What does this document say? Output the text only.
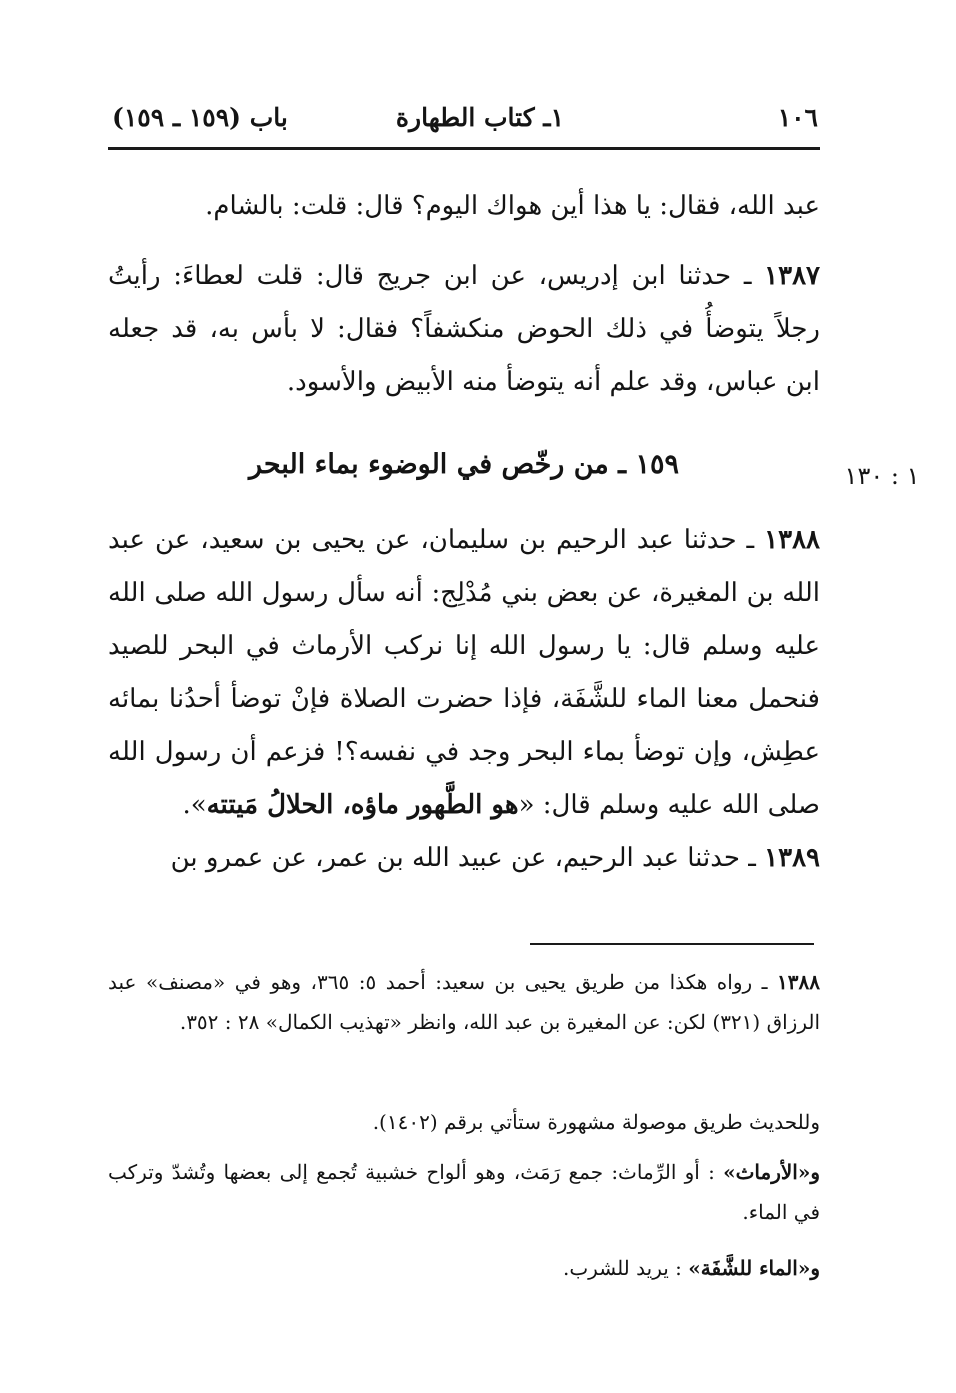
١٠٦
١ـ كتاب الطهارة
باب (١٥٩ ـ ١٥٩)
عبد الله، فقال: يا هذا أين هواك اليوم؟ قال: قلت: بالشام.
١٣٨٧ ـ حدثنا ابن إدريس، عن ابن جريج قال: قلت لعطاءَ: رأيتُ رجلاً يتوضأُ في ذلك الحوض منكشفاً؟ فقال: لا بأس به، قد جعله ابن عباس، وقد علم أنه يتوضأ منه الأبيض والأسود.
١٥٩ ـ من رخّص في الوضوء بماء البحر	١ : ١٣٠
١٣٨٨ ـ حدثنا عبد الرحيم بن سليمان، عن يحيى بن سعيد، عن عبد الله بن المغيرة، عن بعض بني مُدْلِج: أنه سأل رسول الله صلى الله عليه وسلم قال: يا رسول الله إنا نركب الأرماث في البحر للصيد فنحمل معنا الماء للشَّفَة، فإذا حضرت الصلاة فإنْ توضأ أحدُنا بمائه عطِش، وإن توضأ بماء البحر وجد في نفسه؟! فزعم أن رسول الله صلى الله عليه وسلم قال: «هو الطَّهور ماؤه، الحلالُ مَيتته».
١٣٨٩ ـ حدثنا عبد الرحيم، عن عبيد الله بن عمر، عن عمرو بن
١٣٨٨ ـ رواه هكذا من طريق يحيى بن سعيد: أحمد ٥: ٣٦٥، وهو في «مصنف» عبد الرزاق (٣٢١) لكن: عن المغيرة بن عبد الله، وانظر «تهذيب الكمال» ٢٨ : ٣٥٢.
وللحديث طريق موصولة مشهورة ستأتي برقم (١٤٠٢).
و«الأرماث» : أو الرِّماث: جمع رَمَث، وهو ألواح خشبية تُجمع إلى بعضها وتُشدّ وتركب في الماء.
و«الماء للشَّفَة» : يريد للشرب.
